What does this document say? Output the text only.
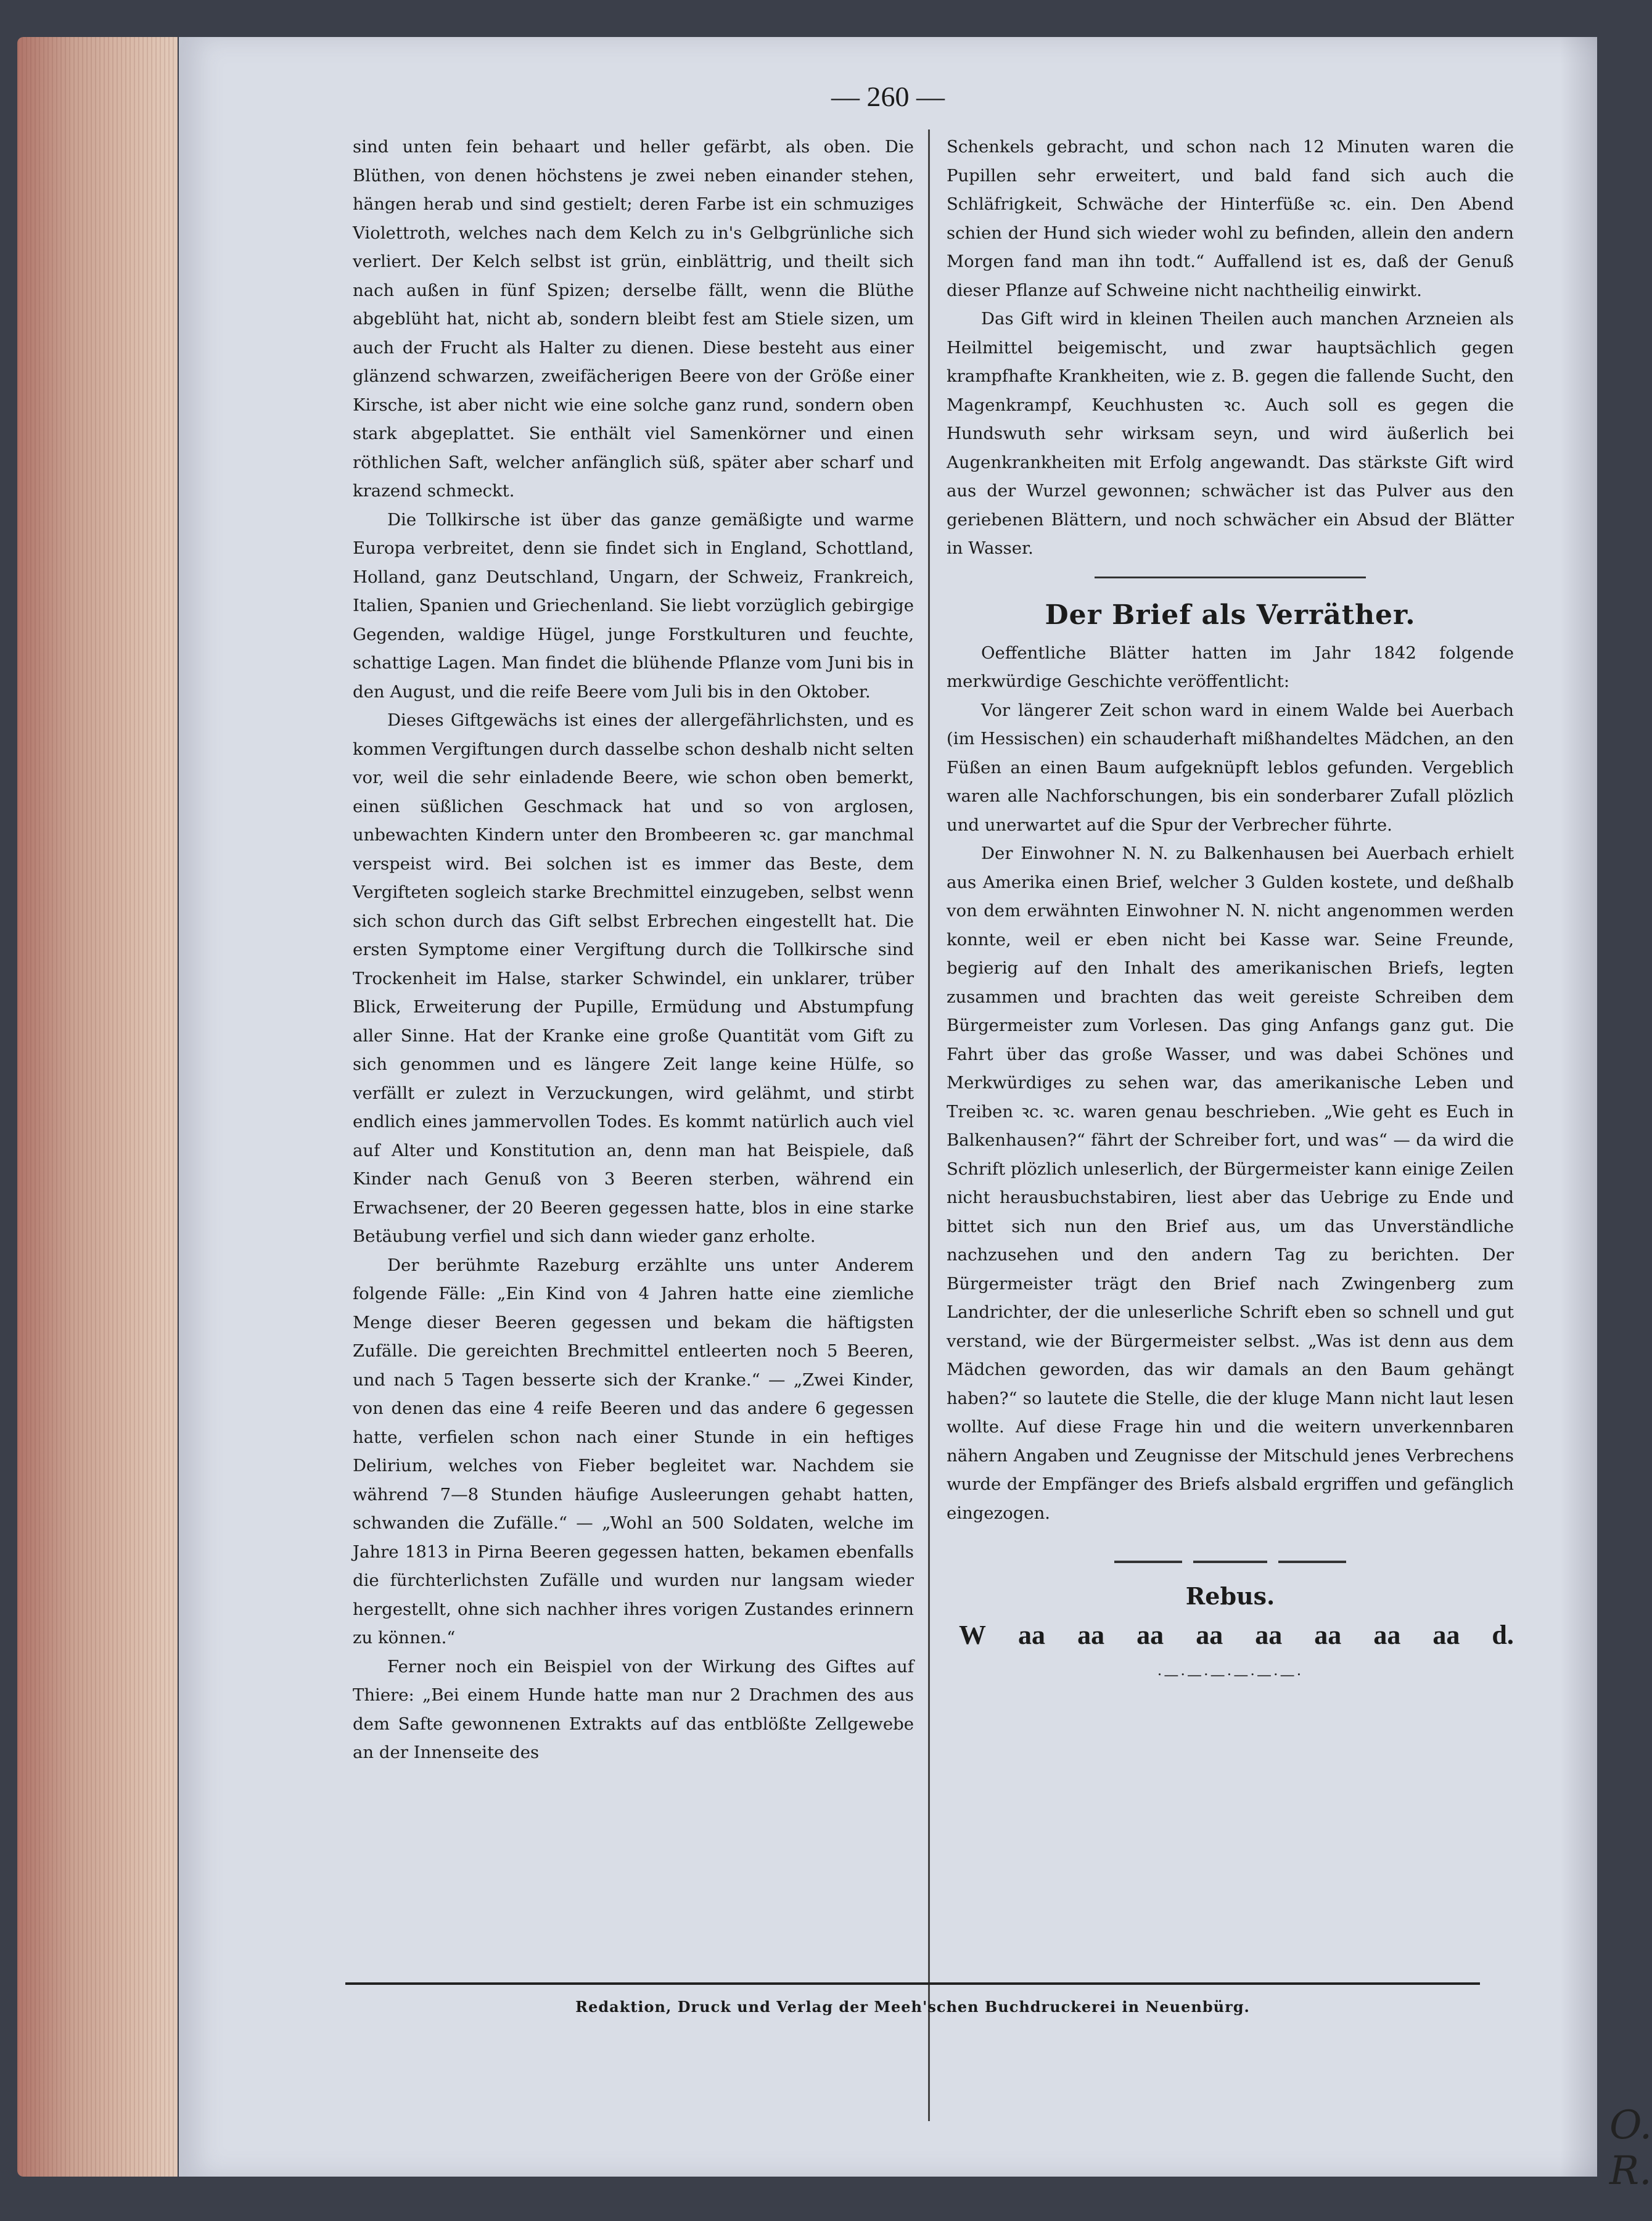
— 260 —

sind unten fein behaart und heller gefärbt, als oben. Die Blüthen, von denen höchstens je zwei neben einander stehen, hängen herab und sind gestielt; deren Farbe ist ein schmuziges Violettroth, welches nach dem Kelch zu in's Gelbgrünliche sich verliert. Der Kelch selbst ist grün, einblättrig, und theilt sich nach außen in fünf Spizen; derselbe fällt, wenn die Blüthe abgeblüht hat, nicht ab, sondern bleibt fest am Stiele sizen, um auch der Frucht als Halter zu dienen. Diese besteht aus einer glänzend schwarzen, zweifächerigen Beere von der Größe einer Kirsche, ist aber nicht wie eine solche ganz rund, sondern oben stark abgeplattet. Sie enthält viel Samenkörner und einen röthlichen Saft, welcher anfänglich süß, später aber scharf und krazend schmeckt.

Die Tollkirsche ist über das ganze gemäßigte und warme Europa verbreitet, denn sie findet sich in England, Schottland, Holland, ganz Deutschland, Ungarn, der Schweiz, Frankreich, Italien, Spanien und Griechenland. Sie liebt vorzüglich gebirgige Gegenden, waldige Hügel, junge Forstkulturen und feuchte, schattige Lagen. Man findet die blühende Pflanze vom Juni bis in den August, und die reife Beere vom Juli bis in den Oktober.

Dieses Giftgewächs ist eines der allergefährlichsten, und es kommen Vergiftungen durch dasselbe schon deshalb nicht selten vor, weil die sehr einladende Beere, wie schon oben bemerkt, einen süßlichen Geschmack hat und so von arglosen, unbewachten Kindern unter den Brombeeren ꝛc. gar manchmal verspeist wird. Bei solchen ist es immer das Beste, dem Vergifteten sogleich starke Brechmittel einzugeben, selbst wenn sich schon durch das Gift selbst Erbrechen eingestellt hat. Die ersten Symptome einer Vergiftung durch die Tollkirsche sind Trockenheit im Halse, starker Schwindel, ein unklarer, trüber Blick, Erweiterung der Pupille, Ermüdung und Abstumpfung aller Sinne. Hat der Kranke eine große Quantität vom Gift zu sich genommen und es längere Zeit lange keine Hülfe, so verfällt er zulezt in Verzuckungen, wird gelähmt, und stirbt endlich eines jammervollen Todes. Es kommt natürlich auch viel auf Alter und Konstitution an, denn man hat Beispiele, daß Kinder nach Genuß von 3 Beeren sterben, während ein Erwachsener, der 20 Beeren gegessen hatte, blos in eine starke Betäubung verfiel und sich dann wieder ganz erholte.

Der berühmte Razeburg erzählte uns unter Anderem folgende Fälle: „Ein Kind von 4 Jahren hatte eine ziemliche Menge dieser Beeren gegessen und bekam die häftigsten Zufälle. Die gereichten Brechmittel entleerten noch 5 Beeren, und nach 5 Tagen besserte sich der Kranke.“ — „Zwei Kinder, von denen das eine 4 reife Beeren und das andere 6 gegessen hatte, verfielen schon nach einer Stunde in ein heftiges Delirium, welches von Fieber begleitet war. Nachdem sie während 7—8 Stunden häufige Ausleerungen gehabt hatten, schwanden die Zufälle.“ — „Wohl an 500 Soldaten, welche im Jahre 1813 in Pirna Beeren gegessen hatten, bekamen ebenfalls die fürchterlichsten Zufälle und wurden nur langsam wieder hergestellt, ohne sich nachher ihres vorigen Zustandes erinnern zu können.“

Ferner noch ein Beispiel von der Wirkung des Giftes auf Thiere: „Bei einem Hunde hatte man nur 2 Drachmen des aus dem Safte gewonnenen Extrakts auf das entblößte Zellgewebe an der Innenseite des

Schenkels gebracht, und schon nach 12 Minuten waren die Pupillen sehr erweitert, und bald fand sich auch die Schläfrigkeit, Schwäche der Hinterfüße ꝛc. ein. Den Abend schien der Hund sich wieder wohl zu befinden, allein den andern Morgen fand man ihn todt.“ Auffallend ist es, daß der Genuß dieser Pflanze auf Schweine nicht nachtheilig einwirkt.

Das Gift wird in kleinen Theilen auch manchen Arzneien als Heilmittel beigemischt, und zwar hauptsächlich gegen krampfhafte Krankheiten, wie z. B. gegen die fallende Sucht, den Magenkrampf, Keuchhusten ꝛc. Auch soll es gegen die Hundswuth sehr wirksam seyn, und wird äußerlich bei Augenkrankheiten mit Erfolg angewandt. Das stärkste Gift wird aus der Wurzel gewonnen; schwächer ist das Pulver aus den geriebenen Blättern, und noch schwächer ein Absud der Blätter in Wasser.

Der Brief als Verräther.

Oeffentliche Blätter hatten im Jahr 1842 folgende merkwürdige Geschichte veröffentlicht:

Vor längerer Zeit schon ward in einem Walde bei Auerbach (im Hessischen) ein schauderhaft mißhandeltes Mädchen, an den Füßen an einen Baum aufgeknüpft leblos gefunden. Vergeblich waren alle Nachforschungen, bis ein sonderbarer Zufall plözlich und unerwartet auf die Spur der Verbrecher führte.

Der Einwohner N. N. zu Balkenhausen bei Auerbach erhielt aus Amerika einen Brief, welcher 3 Gulden kostete, und deßhalb von dem erwähnten Einwohner N. N. nicht angenommen werden konnte, weil er eben nicht bei Kasse war. Seine Freunde, begierig auf den Inhalt des amerikanischen Briefs, legten zusammen und brachten das weit gereiste Schreiben dem Bürgermeister zum Vorlesen. Das ging Anfangs ganz gut. Die Fahrt über das große Wasser, und was dabei Schönes und Merkwürdiges zu sehen war, das amerikanische Leben und Treiben ꝛc. ꝛc. waren genau beschrieben. „Wie geht es Euch in Balkenhausen?“ fährt der Schreiber fort, und was“ — da wird die Schrift plözlich unleserlich, der Bürgermeister kann einige Zeilen nicht herausbuchstabiren, liest aber das Uebrige zu Ende und bittet sich nun den Brief aus, um das Unverständliche nachzusehen und den andern Tag zu berichten. Der Bürgermeister trägt den Brief nach Zwingenberg zum Landrichter, der die unleserliche Schrift eben so schnell und gut verstand, wie der Bürgermeister selbst. „Was ist denn aus dem Mädchen geworden, das wir damals an den Baum gehängt haben?“ so lautete die Stelle, die der kluge Mann nicht laut lesen wollte. Auf diese Frage hin und die weitern unverkennbaren nähern Angaben und Zeugnisse der Mitschuld jenes Verbrechens wurde der Empfänger des Briefs alsbald ergriffen und gefänglich eingezogen.

Rebus.
W aa aa aa aa aa aa aa aa d.
·—·—·—·—·—·—·
Redaktion, Druck und Verlag der Meeh'schen Buchdruckerei in Neuenbürg.
O. R.
